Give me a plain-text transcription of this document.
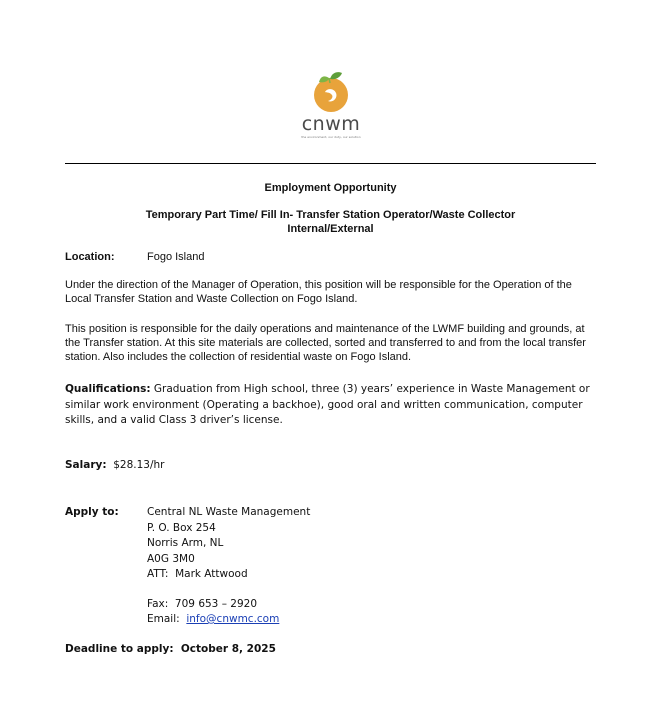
cnwm
the environment, our duty, our solution
Employment Opportunity
Temporary Part Time/ Fill In- Transfer Station Operator/Waste Collector
Internal/External
Location:	Fogo Island
Under the direction of the Manager of Operation, this position will be responsible for the Operation of the Local Transfer Station and Waste Collection on Fogo Island.
This position is responsible for the daily operations and maintenance of the LWMF building and grounds, at the Transfer station. At this site materials are collected, sorted and transferred to and from the local transfer station. Also includes the collection of residential waste on Fogo Island.
Qualifications: Graduation from High school, three (3) years’ experience in Waste Management or similar work environment (Operating a backhoe), good oral and written communication, computer skills, and a valid Class 3 driver’s license.
Salary:  $28.13/hr
Apply to:	Central NL Waste Management
P. O. Box 254
Norris Arm, NL
A0G 3M0
ATT:  Mark Attwood
Fax:  709 653 – 2920
Email:  info@cnwmc.com
Deadline to apply:  October 8, 2025
